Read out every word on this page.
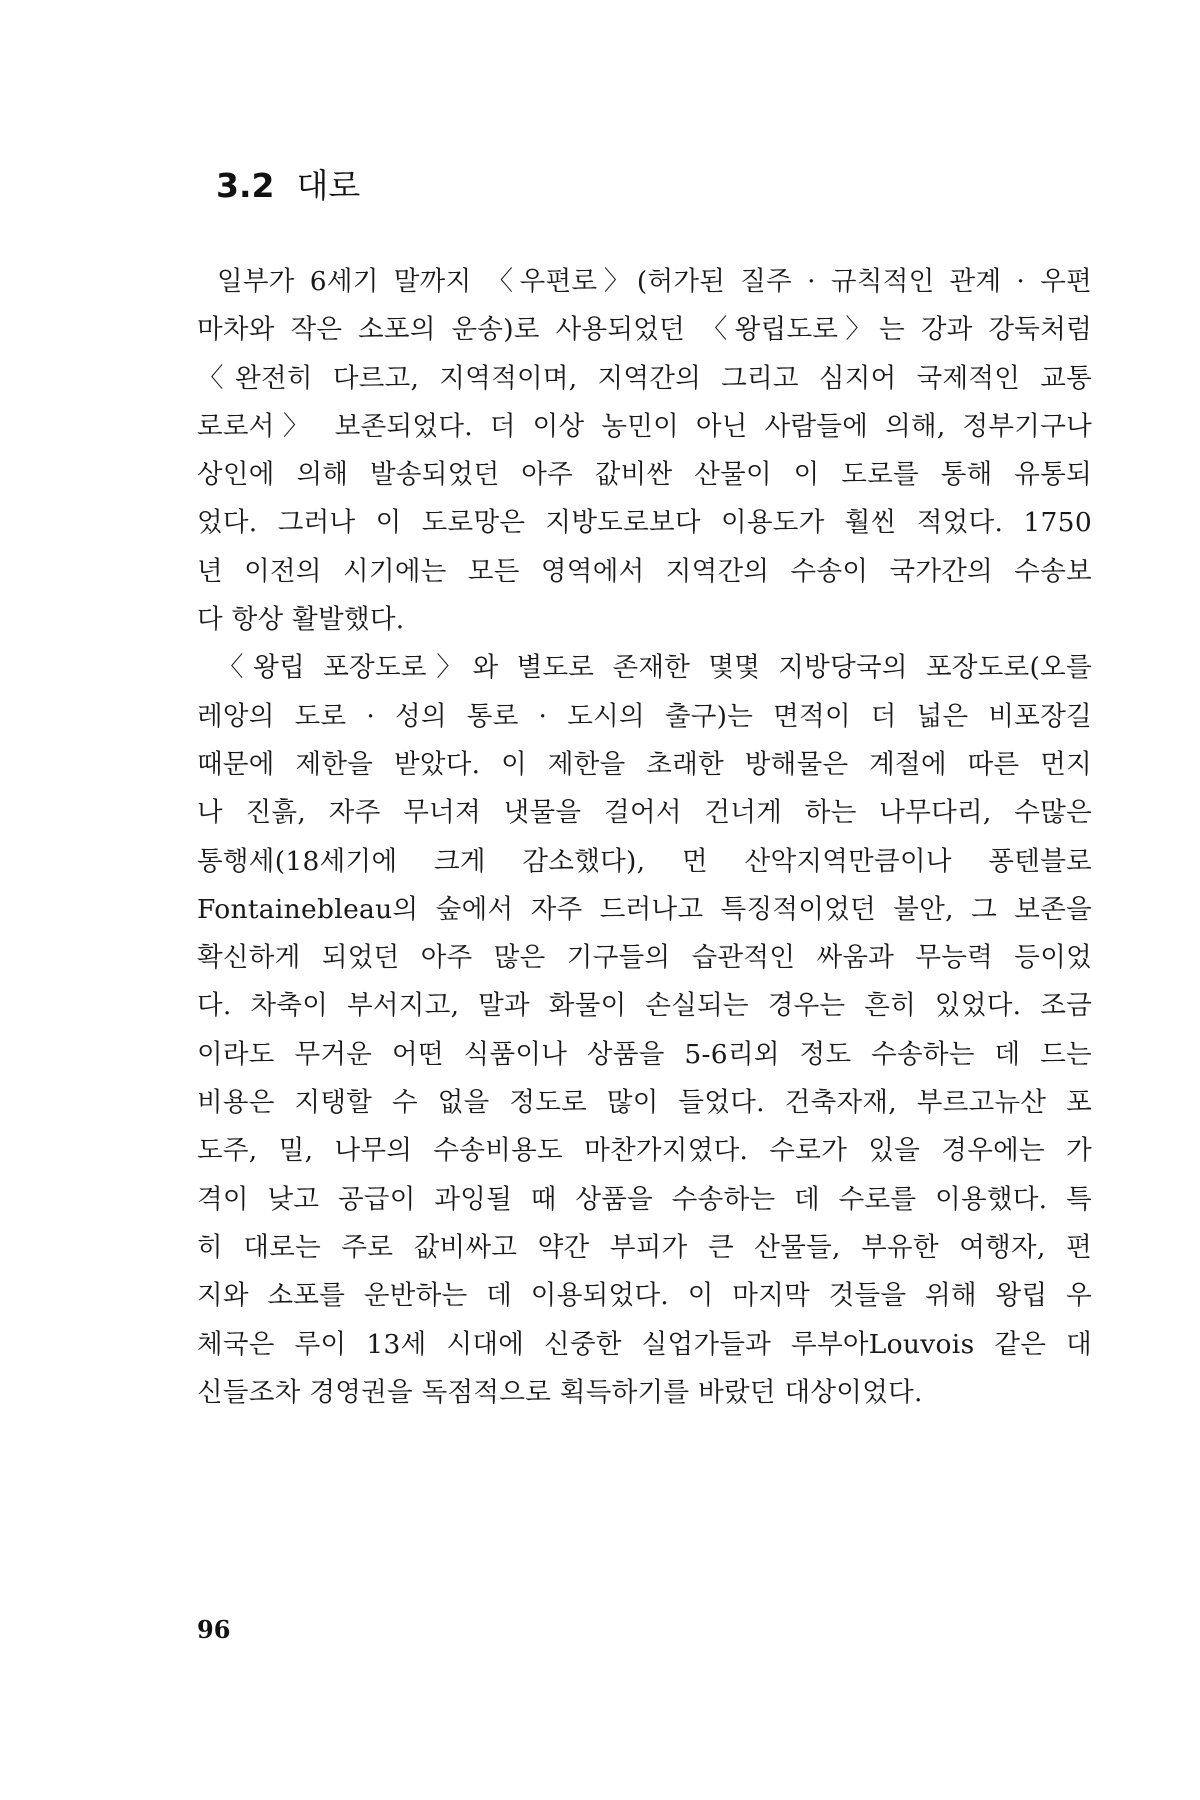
3.2 대로
일부가 6세기 말까지 〈우편로〉(허가된 질주 · 규칙적인 관계 · 우편
마차와 작은 소포의 운송)로 사용되었던 〈왕립도로〉는 강과 강둑처럼
〈완전히 다르고, 지역적이며, 지역간의 그리고 심지어 국제적인 교통
로로서〉 보존되었다. 더 이상 농민이 아닌 사람들에 의해, 정부기구나
상인에 의해 발송되었던 아주 값비싼 산물이 이 도로를 통해 유통되
었다. 그러나 이 도로망은 지방도로보다 이용도가 훨씬 적었다. 1750
년 이전의 시기에는 모든 영역에서 지역간의 수송이 국가간의 수송보
다 항상 활발했다.
〈왕립 포장도로〉와 별도로 존재한 몇몇 지방당국의 포장도로(오를
레앙의 도로 · 성의 통로 · 도시의 출구)는 면적이 더 넓은 비포장길
때문에 제한을 받았다. 이 제한을 초래한 방해물은 계절에 따른 먼지
나 진흙, 자주 무너져 냇물을 걸어서 건너게 하는 나무다리, 수많은
통행세(18세기에 크게 감소했다), 먼 산악지역만큼이나 퐁텐블로
Fontainebleau의 숲에서 자주 드러나고 특징적이었던 불안, 그 보존을
확신하게 되었던 아주 많은 기구들의 습관적인 싸움과 무능력 등이었
다. 차축이 부서지고, 말과 화물이 손실되는 경우는 흔히 있었다. 조금
이라도 무거운 어떤 식품이나 상품을 5-6리외 정도 수송하는 데 드는
비용은 지탱할 수 없을 정도로 많이 들었다. 건축자재, 부르고뉴산 포
도주, 밀, 나무의 수송비용도 마찬가지였다. 수로가 있을 경우에는 가
격이 낮고 공급이 과잉될 때 상품을 수송하는 데 수로를 이용했다. 특
히 대로는 주로 값비싸고 약간 부피가 큰 산물들, 부유한 여행자, 편
지와 소포를 운반하는 데 이용되었다. 이 마지막 것들을 위해 왕립 우
체국은 루이 13세 시대에 신중한 실업가들과 루부아Louvois 같은 대
신들조차 경영권을 독점적으로 획득하기를 바랐던 대상이었다.
96
